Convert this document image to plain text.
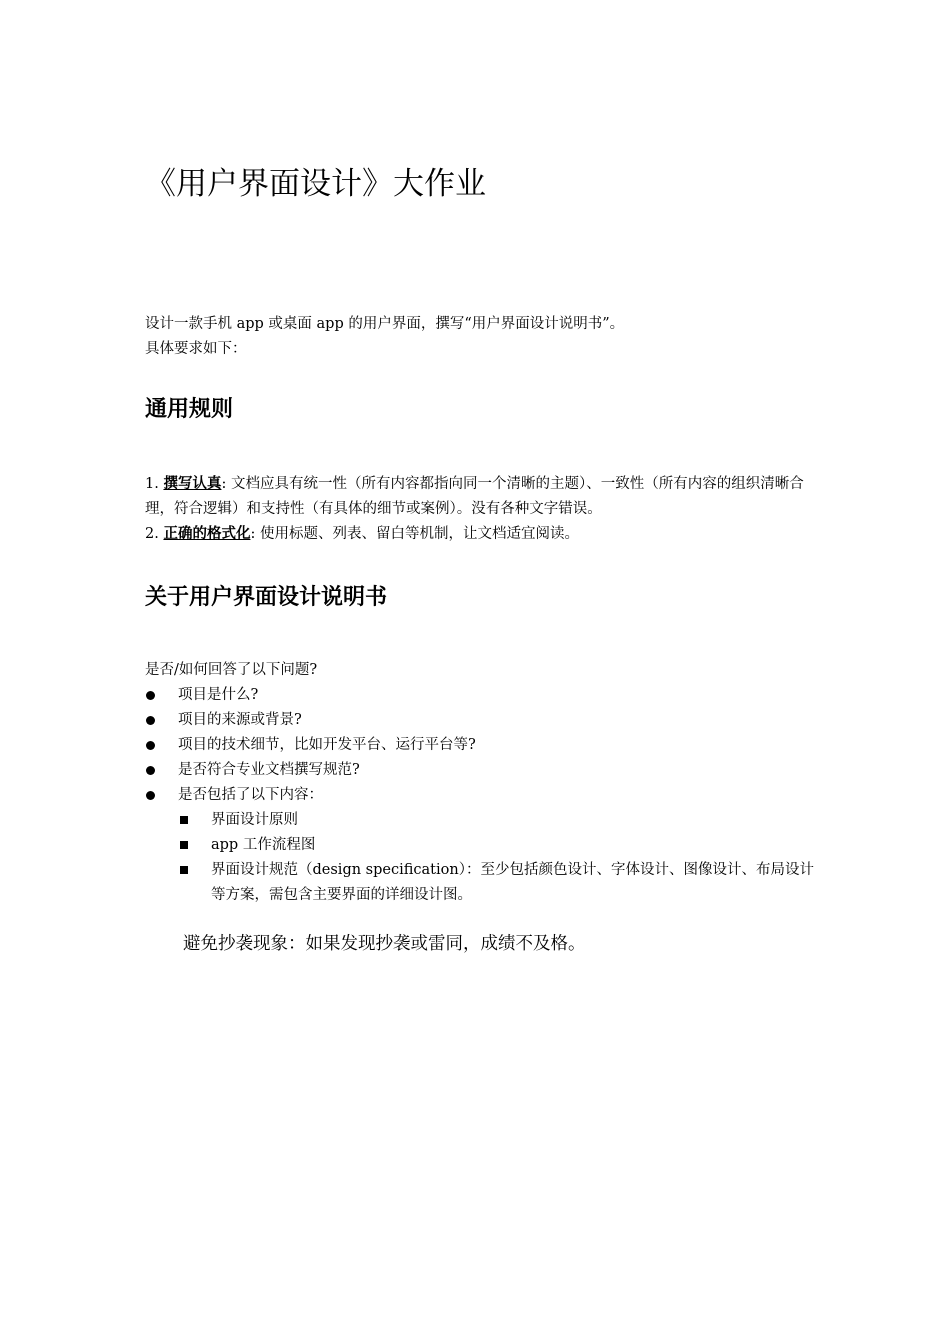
《用户界面设计》大作业

设计一款手机 app 或桌面 app 的用户界面，撰写“用户界面设计说明书”。

具体要求如下：

通用规则

1. 撰写认真: 文档应具有统一性（所有内容都指向同一个清晰的主题）、一致性（所有内容的组织清晰合理，符合逻辑）和支持性（有具体的细节或案例）。没有各种文字错误。

2. 正确的格式化: 使用标题、列表、留白等机制，让文档适宜阅读。

关于用户界面设计说明书

是否/如何回答了以下问题?

项目是什么?
项目的来源或背景?
项目的技术细节，比如开发平台、运行平台等?
是否符合专业文档撰写规范?
是否包括了以下内容：
界面设计原则
app 工作流程图
界面设计规范（design specification）：至少包括颜色设计、字体设计、图像设计、布局设计等方案，需包含主要界面的详细设计图。

避免抄袭现象：如果发现抄袭或雷同，成绩不及格。
